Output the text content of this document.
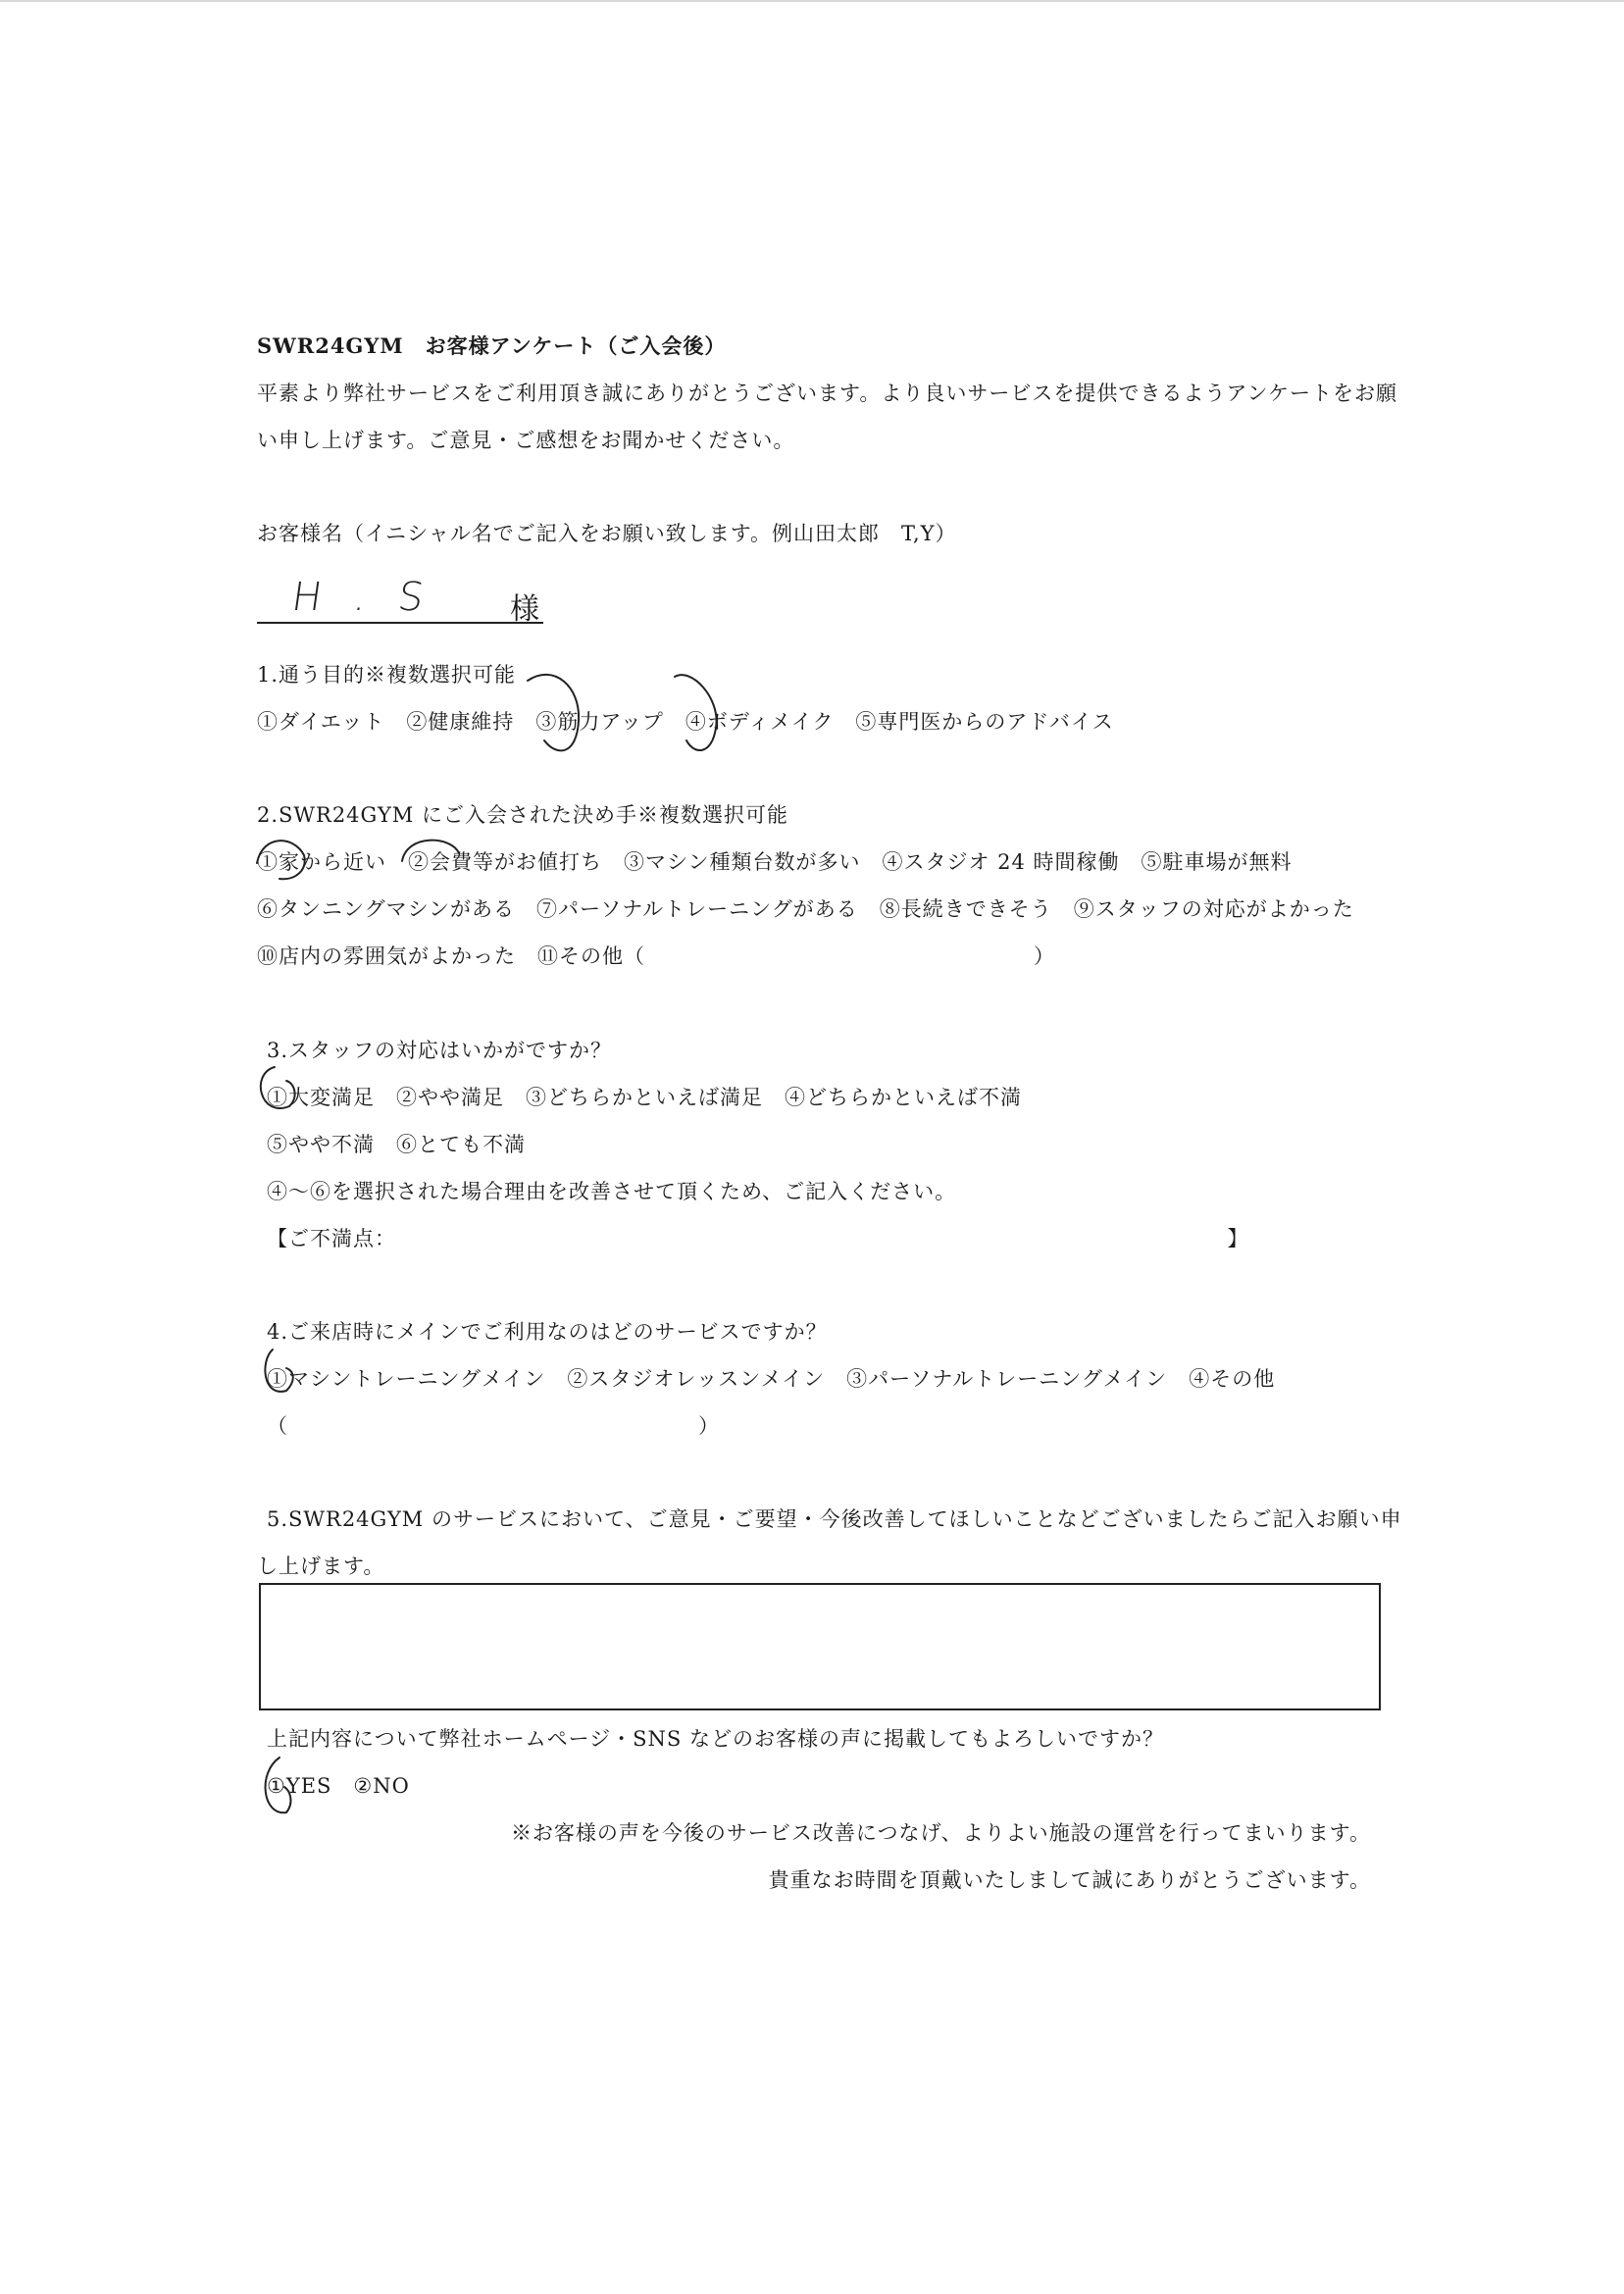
SWR24GYM　お客様アンケート（ご入会後）
平素より弊社サービスをご利用頂き誠にありがとうございます。より良いサービスを提供できるようアンケートをお願
い申し上げます。ご意見・ご感想をお聞かせください。
お客様名（イニシャル名でご記入をお願い致します。例山田太郎　T,Y）
H . S	様
1.通う目的※複数選択可能
①ダイエット　②健康維持　③筋力アップ　④ボディメイク　⑤専門医からのアドバイス
2.SWR24GYM にご入会された決め手※複数選択可能
①家から近い　②会費等がお値打ち　③マシン種類台数が多い　④スタジオ 24 時間稼働　⑤駐車場が無料
⑥タンニングマシンがある　⑦パーソナルトレーニングがある　⑧長続きできそう　⑨スタッフの対応がよかった
⑩店内の雰囲気がよかった　⑪その他（　　　　　　　　　　　　　　　　　　）
3.スタッフの対応はいかがですか？
①大変満足　②やや満足　③どちらかといえば満足　④どちらかといえば不満
⑤やや不満　⑥とても不満
④〜⑥を選択された場合理由を改善させて頂くため、ご記入ください。
【ご不満点：　　　　　　　　　　　　　　　　　　　　　　　　　　　　　　　　　　　　　　　】
4.ご来店時にメインでご利用なのはどのサービスですか？
①マシントレーニングメイン　②スタジオレッスンメイン　③パーソナルトレーニングメイン　④その他
（　　　　　　　　　　　　　　　　　　　）
5.SWR24GYM のサービスにおいて、ご意見・ご要望・今後改善してほしいことなどございましたらご記入お願い申
し上げます。
上記内容について弊社ホームページ・SNS などのお客様の声に掲載してもよろしいですか？
①YES　②NO
※お客様の声を今後のサービス改善につなげ、よりよい施設の運営を行ってまいります。
貴重なお時間を頂戴いたしまして誠にありがとうございます。
